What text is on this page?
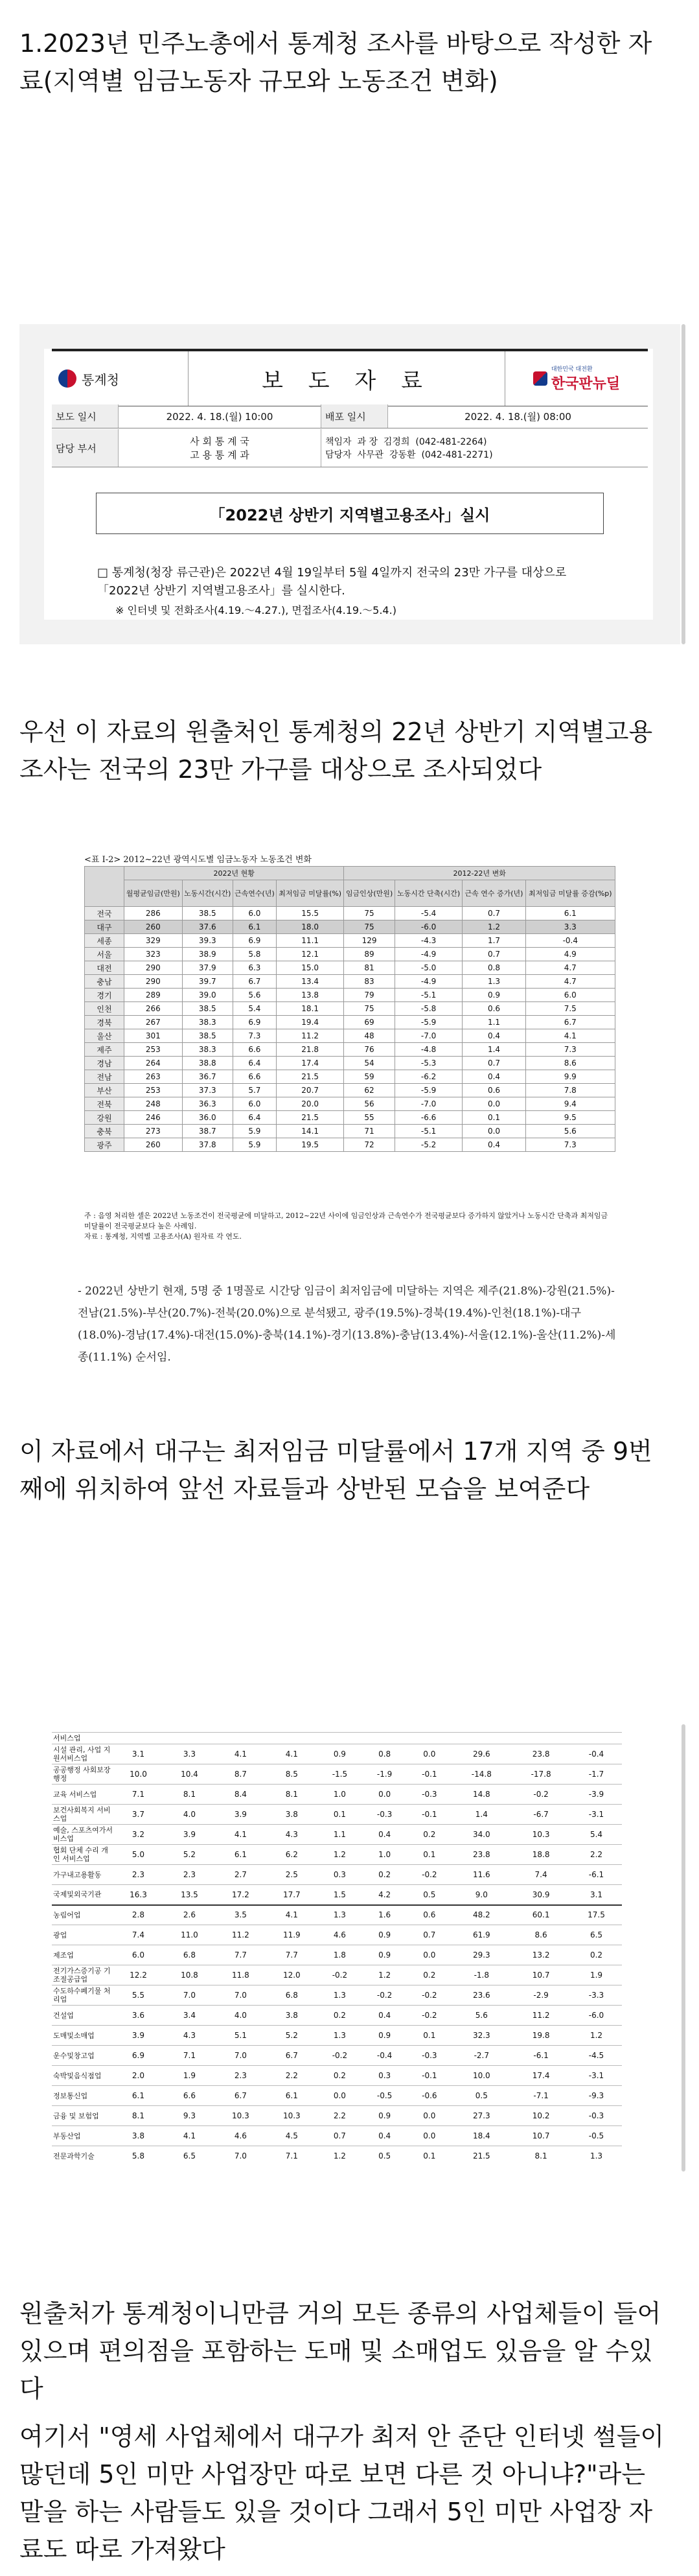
1.2023년 민주노총에서 통계청 조사를 바탕으로 작성한 자료(지역별 임금노동자 규모와 노동조건 변화)

통계청	보 도 자 료	대한민국 대전환
한국판뉴딜
보도 일시	2022. 4. 18.(월) 10:00	배포 일시	2022. 4. 18.(월) 08:00
담당 부서
사 회 통 계 국
고 용 통 계 과
책임자 과 장 김경희 (042-481-2264)
담당자 사무관 강동환 (042-481-2271)
「2022년 상반기 지역별고용조사」실시
□ 통계청(청장 류근관)은 2022년 4월 19일부터 5월 4일까지 전국의 23만 가구를 대상으로 「2022년 상반기 지역별고용조사」를 실시한다.
※ 인터넷 및 전화조사(4.19.～4.27.), 면접조사(4.19.～5.4.)

우선 이 자료의 원출처인 통계청의 22년 상반기 지역별고용조사는 전국의 23만 가구를 대상으로 조사되었다

<표 Ⅰ-2> 2012~22년 광역시도별 임금노동자 노동조건 변화
	2022년 현황				2012-22년 변화			
	월평균임금(만원)	노동시간(시간)	근속연수(년)	최저임금 미달률(%)	임금인상(만원)	노동시간 단축(시간)	근속 연수 증가(년)	최저임금 미달률 증감(%p)
전국	286	38.5	6.0	15.5	75	-5.4	0.7	6.1
대구	260	37.6	6.1	18.0	75	-6.0	1.2	3.3
세종	329	39.3	6.9	11.1	129	-4.3	1.7	-0.4
서울	323	38.9	5.8	12.1	89	-4.9	0.7	4.9
대전	290	37.9	6.3	15.0	81	-5.0	0.8	4.7
충남	290	39.7	6.7	13.4	83	-4.9	1.3	4.7
경기	289	39.0	5.6	13.8	79	-5.1	0.9	6.0
인천	266	38.5	5.4	18.1	75	-5.8	0.6	7.5
경북	267	38.3	6.9	19.4	69	-5.9	1.1	6.7
울산	301	38.5	7.3	11.2	48	-7.0	0.4	4.1
제주	253	38.3	6.6	21.8	76	-4.8	1.4	7.3
경남	264	38.8	6.4	17.4	54	-5.3	0.7	8.6
전남	263	36.7	6.6	21.5	59	-6.2	0.4	9.9
부산	253	37.3	5.7	20.7	62	-5.9	0.6	7.8
전북	248	36.3	6.0	20.0	56	-7.0	0.0	9.4
강원	246	36.0	6.4	21.5	55	-6.6	0.1	9.5
충북	273	38.7	5.9	14.1	71	-5.1	0.0	5.6
광주	260	37.8	5.9	19.5	72	-5.2	0.4	7.3
주 : 음영 처리한 셀은 2022년 노동조건이 전국평균에 미달하고, 2012~22년 사이에 임금인상과 근속연수가 전국평균보다 증가하지 않았거나 노동시간 단축과 최저임금 미달률이 전국평균보다 높은 사례임.
자료 : 통계청, 지역별 고용조사(A) 원자료 각 연도.
- 2022년 상반기 현재, 5명 중 1명꼴로 시간당 임금이 최저임금에 미달하는 지역은 제주(21.8%)-강원(21.5%)-전남(21.5%)-부산(20.7%)-전북(20.0%)으로 분석됐고, 광주(19.5%)-경북(19.4%)-인천(18.1%)-대구(18.0%)-경남(17.4%)-대전(15.0%)-충북(14.1%)-경기(13.8%)-충남(13.4%)-서울(12.1%)-울산(11.2%)-세종(11.1%) 순서임.

이 자료에서 대구는 최저임금 미달률에서 17개 지역 중 9번째에 위치하여 앞선 자료들과 상반된 모습을 보여준다

서비스업										
시설 관리, 사업 지원서비스업	3.1	3.3	4.1	4.1	0.9	0.8	0.0	29.6	23.8	-0.4
공공행정 사회보장 행정	10.0	10.4	8.7	8.5	-1.5	-1.9	-0.1	-14.8	-17.8	-1.7
교육 서비스업	7.1	8.1	8.4	8.1	1.0	0.0	-0.3	14.8	-0.2	-3.9
보건사회복지 서비스업	3.7	4.0	3.9	3.8	0.1	-0.3	-0.1	1.4	-6.7	-3.1
예술, 스포츠여가서비스업	3.2	3.9	4.1	4.3	1.1	0.4	0.2	34.0	10.3	5.4
협회 단체 수리 개인 서비스업	5.0	5.2	6.1	6.2	1.2	1.0	0.1	23.8	18.8	2.2
가구내고용활동	2.3	2.3	2.7	2.5	0.3	0.2	-0.2	11.6	7.4	-6.1
국제및외국기관	16.3	13.5	17.2	17.7	1.5	4.2	0.5	9.0	30.9	3.1
농림어업	2.8	2.6	3.5	4.1	1.3	1.6	0.6	48.2	60.1	17.5
광업	7.4	11.0	11.2	11.9	4.6	0.9	0.7	61.9	8.6	6.5
제조업	6.0	6.8	7.7	7.7	1.8	0.9	0.0	29.3	13.2	0.2
전기가스증기공 기조절공급업	12.2	10.8	11.8	12.0	-0.2	1.2	0.2	-1.8	10.7	1.9
수도하수폐기물 처리업	5.5	7.0	7.0	6.8	1.3	-0.2	-0.2	23.6	-2.9	-3.3
건설업	3.6	3.4	4.0	3.8	0.2	0.4	-0.2	5.6	11.2	-6.0
도매및소매업	3.9	4.3	5.1	5.2	1.3	0.9	0.1	32.3	19.8	1.2
운수및창고업	6.9	7.1	7.0	6.7	-0.2	-0.4	-0.3	-2.7	-6.1	-4.5
숙박및음식점업	2.0	1.9	2.3	2.2	0.2	0.3	-0.1	10.0	17.4	-3.1
정보통신업	6.1	6.6	6.7	6.1	0.0	-0.5	-0.6	0.5	-7.1	-9.3
금융 및 보험업	8.1	9.3	10.3	10.3	2.2	0.9	0.0	27.3	10.2	-0.3
부동산업	3.8	4.1	4.6	4.5	0.7	0.4	0.0	18.4	10.7	-0.5
전문과학기술	5.8	6.5	7.0	7.1	1.2	0.5	0.1	21.5	8.1	1.3

원출처가 통계청이니만큼 거의 모든 종류의 사업체들이 들어있으며 편의점을 포함하는 도매 및 소매업도 있음을 알 수있다

여기서 "영세 사업체에서 대구가 최저 안 준단 인터넷 썰들이 많던데 5인 미만 사업장만 따로 보면 다른 것 아니냐?"라는 말을 하는 사람들도 있을 것이다 그래서 5인 미만 사업장 자료도 따로 가져왔다
